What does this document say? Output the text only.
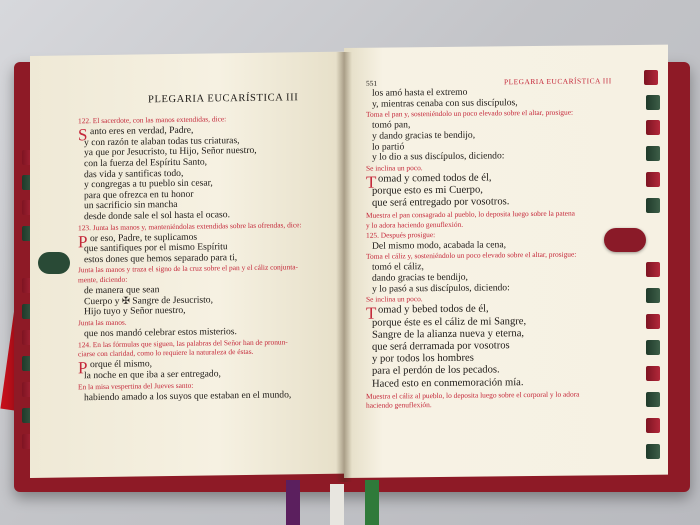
PLEGARIA EUCARÍSTICA III
122. El sacerdote, con las manos extendidas, dice:
S anto eres en verdad, Padre,
y con razón te alaban todas tus criaturas,
ya que por Jesucristo, tu Hijo, Señor nuestro,
con la fuerza del Espíritu Santo,
das vida y santificas todo,
y congregas a tu pueblo sin cesar,
para que ofrezca en tu honor
un sacrificio sin mancha
desde donde sale el sol hasta el ocaso.
123. Junta las manos y, manteniéndolas extendidas sobre las ofrendas, dice:
P or eso, Padre, te suplicamos
que santifiques por el mismo Espíritu
estos dones que hemos separado para ti,
Junta las manos y traza el signo de la cruz sobre el pan y el cáliz conjunta-
mente, diciendo:
de manera que sean
Cuerpo y ✠ Sangre de Jesucristo,
Hijo tuyo y Señor nuestro,
Junta las manos.
que nos mandó celebrar estos misterios.
124. En las fórmulas que siguen, las palabras del Señor han de pronun-
ciarse con claridad, como lo requiere la naturaleza de éstas.
P orque él mismo,
la noche en que iba a ser entregado,
En la misa vespertina del Jueves santo:
habiendo amado a los suyos que estaban en el mundo,
551	PLEGARIA EUCARÍSTICA III
los amó hasta el extremo
y, mientras cenaba con sus discípulos,
Toma el pan y, sosteniéndolo un poco elevado sobre el altar, prosigue:
tomó pan,
y dando gracias te bendijo,
lo partió
y lo dio a sus discípulos, diciendo:
Se inclina un poco.
T omad y comed todos de él,
porque esto es mi Cuerpo,
que será entregado por vosotros.
Muestra el pan consagrado al pueblo, lo deposita luego sobre la patena
y lo adora haciendo genuflexión.
125. Después prosigue:
Del mismo modo, acabada la cena,
Toma el cáliz y, sosteniéndolo un poco elevado sobre el altar, prosigue:
tomó el cáliz,
dando gracias te bendijo,
y lo pasó a sus discípulos, diciendo:
Se inclina un poco.
T omad y bebed todos de él,
porque éste es el cáliz de mi Sangre,
Sangre de la alianza nueva y eterna,
que será derramada por vosotros
y por todos los hombres
para el perdón de los pecados.
Haced esto en conmemoración mía.
Muestra el cáliz al pueblo, lo deposita luego sobre el corporal y lo adora
haciendo genuflexión.
